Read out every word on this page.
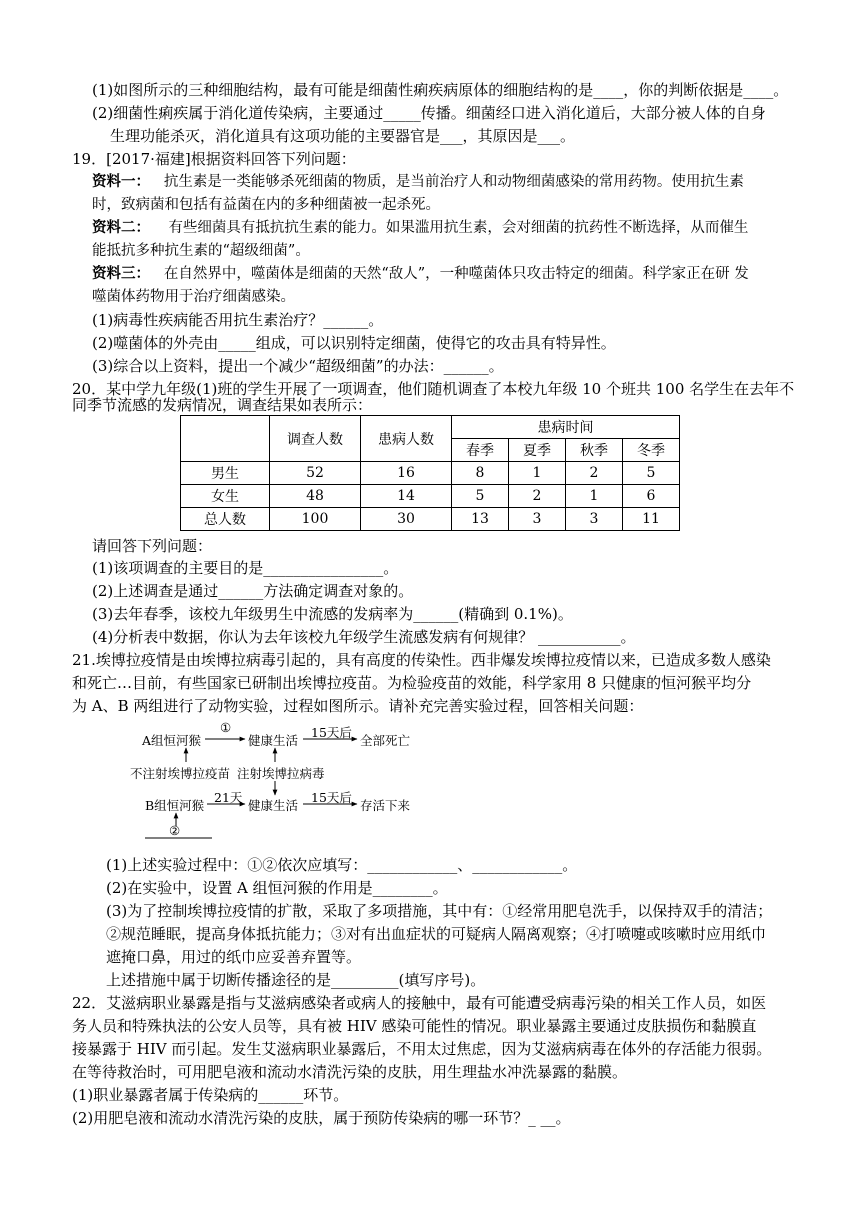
(1)如图所示的三种细胞结构，最有可能是细菌性痢疾病原体的细胞结构的是____，你的判断依据是____。
(2)细菌性痢疾属于消化道传染病，主要通过_____传播。细菌经口进入消化道后，大部分被人体的自身
生理功能杀灭，消化道具有这项功能的主要器官是___，其原因是___。
19．[2017·福建]根据资料回答下列问题：
资料一： 抗生素是一类能够杀死细菌的物质，是当前治疗人和动物细菌感染的常用药物。使用抗生素
时，致病菌和包括有益菌在内的多种细菌被一起杀死。
资料二： 有些细菌具有抵抗抗生素的能力。如果滥用抗生素，会对细菌的抗药性不断选择，从而催生
能抵抗多种抗生素的“超级细菌”。
资料三： 在自然界中，噬菌体是细菌的天然“敌人”，一种噬菌体只攻击特定的细菌。科学家正在研 发
噬菌体药物用于治疗细菌感染。
(1)病毒性疾病能否用抗生素治疗？______。
(2)噬菌体的外壳由_____组成，可以识别特定细菌，使得它的攻击具有特异性。
(3)综合以上资料，提出一个减少“超级细菌”的办法：______。
20．某中学九年级(1)班的学生开展了一项调查，他们随机调查了本校九年级 10 个班共 100 名学生在去年不
同季节流感的发病情况，调查结果如表所示：
	调查人数	患病人数	患病时间			
			春季	夏季	秋季	冬季
男生	52	16	8	1	2	5
女生	48	14	5	2	1	6
总人数	100	30	13	3	3	11
请回答下列问题：
(1)该项调查的主要目的是________________。
(2)上述调查是通过______方法确定调查对象的。
(3)去年春季，该校九年级男生中流感的发病率为______(精确到 0.1%)。
(4)分析表中数据，你认为去年该校九年级学生流感发病有何规律？ ___________。
21.埃博拉疫情是由埃博拉病毒引起的，具有高度的传染性。西非爆发埃博拉疫情以来，已造成多数人感染
和死亡…目前，有些国家已研制出埃博拉疫苗。为检验疫苗的效能，科学家用 8 只健康的恒河猴平均分
为 A、B 两组进行了动物实验，过程如图所示。请补充完善实验过程，回答相关问题：
A组恒河猴
①
健康生活
15天后
全部死亡
不注射埃博拉疫苗 注射埃博拉病毒
B组恒河猴
21天
健康生活
15天后
存活下来
②
(1)上述实验过程中：①②依次应填写：____________、____________。
(2)在实验中，设置 A 组恒河猴的作用是________。
(3)为了控制埃博拉疫情的扩散，采取了多项措施，其中有：①经常用肥皂洗手，以保持双手的清洁；
②规范睡眠，提高身体抵抗能力；③对有出血症状的可疑病人隔离观察；④打喷嚏或咳嗽时应用纸巾
遮掩口鼻，用过的纸巾应妥善弃置等。
上述措施中属于切断传播途径的是_________(填写序号)。
22．艾滋病职业暴露是指与艾滋病感染者或病人的接触中，最有可能遭受病毒污染的相关工作人员，如医
务人员和特殊执法的公安人员等，具有被 HIV 感染可能性的情况。职业暴露主要通过皮肤损伤和黏膜直
接暴露于 HIV 而引起。发生艾滋病职业暴露后，不用太过焦虑，因为艾滋病病毒在体外的存活能力很弱。
在等待救治时，可用肥皂液和流动水清洗污染的皮肤，用生理盐水冲洗暴露的黏膜。
(1)职业暴露者属于传染病的______环节。
(2)用肥皂液和流动水清洗污染的皮肤，属于预防传染病的哪一环节？_ __。
